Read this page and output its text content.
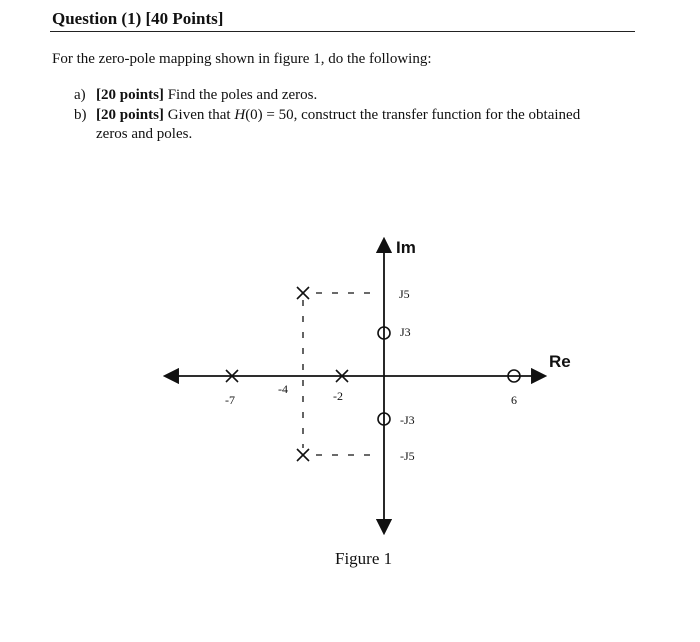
Question (1) [40 Points]
For the zero-pole mapping shown in figure 1, do the following:
a) [20 points] Find the poles and zeros.
b) [20 points] Given that H(0) = 50, construct the transfer function for the obtained
zeros and poles.
Im
Re
-7
-4	-2	6
J5
J3
-J3
-J5
Figure 1
